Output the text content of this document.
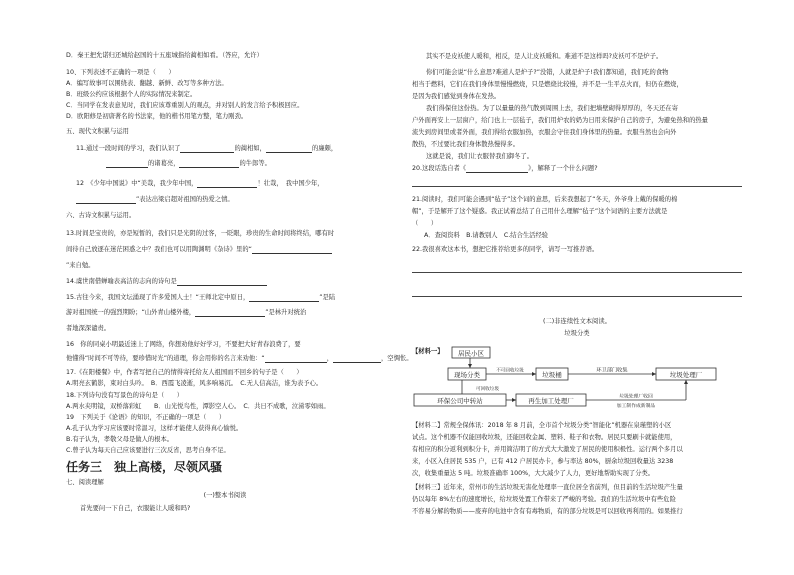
D．秦王把允诺归还城给赵国的十五座城指给蔺相如看。（答应，允许）
10、下列表述不正确的一项是（　　）
A．编写故事可以围绕表、翻越、新鲜、改写等多种方法。
B．班级公约应该根据个人的实际情况来制定。
C．当同学在发表意见时，我们应该尊重别人的观点，并对别人的发言给予积极回应。
D．欧阳修是初唐著名的书法家，他的楷书用笔方整，笔力刚劲。
五、现代文积累与运用
11.通过一段时间的学习，我们认识了	的蔺相如，	的廉颇，
的诸葛亮，	的牛郎等。
12　《少年中国说》中“美哉，我少年中国，	！壮哉，　我中国少年，
”表达出梁启超对祖国的热爱之情。
六、古诗文积累与运用。
13.时间是宝贵的，亦是短暂的，我们只是光阴的过客，一眨眼，珍贵的生命时间将终结，哪有时
间待自己放逐在迷茫困惑之中？我们也可以用陶渊明《杂诗》里的“
”来自勉。
14.虞世南借蝉喻表高洁的志向的诗句是
15.古往今来，我国文坛涌现了许多爱国人士！“王师北定中原日，	”是陆
游对祖国统一的强烈期盼；“山外青山楼外楼，	”是林升对统治
者地深深谴责。
16　你的同桌小明最近迷上了网络，你想劝他好好学习，不要把大好青春浪费了，要
他懂得“时间不可等待，要珍惜时光”的道理，你会用你的名言来劝他：“	，	，空惆怅。
17.《在阳楼餐》中，作者写把自己的情得寄托给友人祖国而不回乡的句子是（　　）
A.明亮玄鹤影，束对白头吟。　B．西霞飞凌逝，风多响易沉。　C.无人信高洁，谁为表予心。
18.下列诗句没有写景色的诗句是（　　）
A.两水夹明镜，双桥落彩虹　　B．山光悦鸟性，潭影空人心。　C．共日不成歌，泣涕零如雨。
19　下列关于《论语》的知识，不正确的一项是（　　）
A.孔子认为学习应该要时常温习，这样才能使人获得真心愉悦。
B.有子认为，孝敬父母是做人的根本。
C.曾子认为每天自己应该要进行三次反省，思考自身不足。
任务三　独上高楼，尽领风骚
七、阅读理解
(一)整本书阅读
首先要问一下自己，衣服能让人暖和吗?
其实不是皮袄使人暖和，相反，是人让皮袄暖和。难道不是这样吗?皮袄可不是炉子。
你们可能会说“什么意思?难道人是炉子?”没错，人就是炉子!我们都知道，我们吃的食物
相当于燃料，它们在我们身体里慢慢燃烧，只是燃烧比较慢，并不是一生平点火而，但仍在燃烧，
是因为我们感觉到身体在发热。
我们得保住这份热。为了以量量的热气散到周围上去，我们把墙壁砌得厚厚的，冬天还在寄
户外面再安上一层窗户，给门也上一层毡子，我们用炉农的奶为日用来保护自己的房子，为避免热和的热量
流失到房间里或者外面，我们得给衣服加热，衣服会守住我们身体里的热量。衣服当然也会向外
散热，不过要比我们身体散热慢得多。
这就是说，我们让衣服替我们御冬了。
20.这段话选自者《	》，解释了一个什么问题?
21.阅读时，我们可能会遇到“毡子”这个词的意思，后来我想起了“冬天，外爷身上戴的保暖的棉
帽”，于是解开了这个疑惑。我正试着总结了自己用什么理解“毡子”这个词语的主要方法就是
（　　）
A．查阅资料　B.请教别人　C.结合生活经验
22.我很喜欢这本书，想把它推荐给更多的同学，请写一写推荐语。
(二)非连续性文本阅读。
垃圾分类
【材料一】 居民小区
现场分类	不可回收垃圾	垃圾桶
环卫部门收集
垃圾处理厂
可回收垃圾
环保公司中转站	再生加工处理厂	垃圾处理厂收回
加工制作成新制品
【材料二】常规全保体讯：2018 年 8 月前，全市首个垃圾分类“智能化”机器在泉瑾塑的小区
试点。这个机器不仅能回收垃圾，还能回收金属、塑料、鞋子和衣物。居民只要刷卡就能使用，
有相应的积分返利到积分卡，并用简洁明了的方式大大激发了居民的使用积极性。运行两个多月以
来，小区入住居民 535 户，已有 412 户居民办卡，参与率达 80%，厨余垃圾回收量达 3238
次，收集重量达 5 吨。垃圾准确率 100%，大大减少了人力，更好地帮助实现了分类。
【材料三】近年来，常州市的生活垃圾无害化处理率一直位居全省前列，但目前的生活垃圾产生量
仍以每年 8%左右的速度增长，给垃圾处置工作带来了严峻的考验。我们的生活垃圾中有些危险
不容易分解的物质——废弃的电池中含有有毒物质，有的部分垃圾是可以回收再利用的。如果推行
